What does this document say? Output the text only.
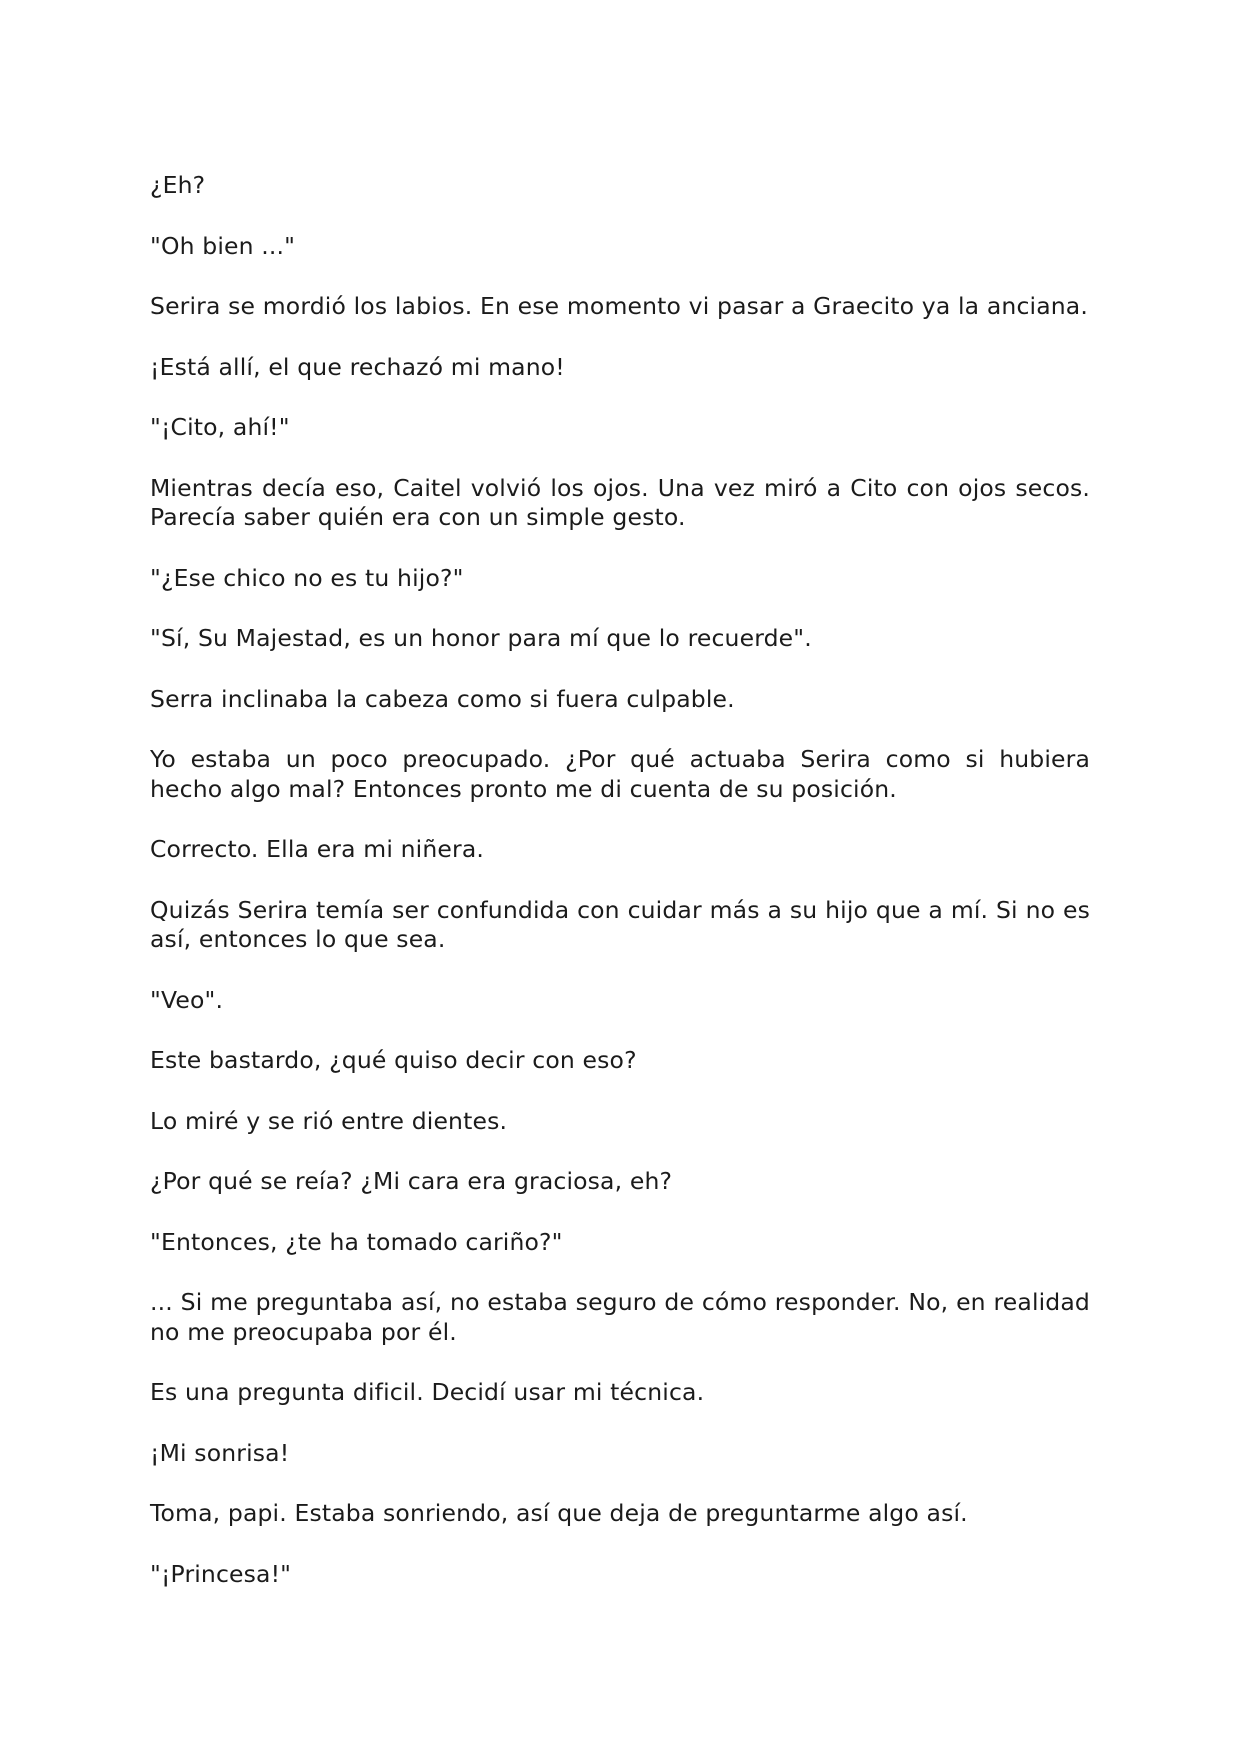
¿Eh?

"Oh bien ..."

Serira se mordió los labios. En ese momento vi pasar a Graecito ya la anciana.

¡Está allí, el que rechazó mi mano!

"¡Cito, ahí!"

Mientras decía eso, Caitel volvió los ojos. Una vez miró a Cito con ojos secos. Parecía saber quién era con un simple gesto.

"¿Ese chico no es tu hijo?"

"Sí, Su Majestad, es un honor para mí que lo recuerde".

Serra inclinaba la cabeza como si fuera culpable.

Yo estaba un poco preocupado. ¿Por qué actuaba Serira como si hubiera hecho algo mal? Entonces pronto me di cuenta de su posición.

Correcto. Ella era mi niñera.

Quizás Serira temía ser confundida con cuidar más a su hijo que a mí. Si no es así, entonces lo que sea.

"Veo".

Este bastardo, ¿qué quiso decir con eso?

Lo miré y se rió entre dientes.

¿Por qué se reía? ¿Mi cara era graciosa, eh?

"Entonces, ¿te ha tomado cariño?"

... Si me preguntaba así, no estaba seguro de cómo responder. No, en realidad no me preocupaba por él.

Es una pregunta dificil. Decidí usar mi técnica.

¡Mi sonrisa!

Toma, papi. Estaba sonriendo, así que deja de preguntarme algo así.

"¡Princesa!"
